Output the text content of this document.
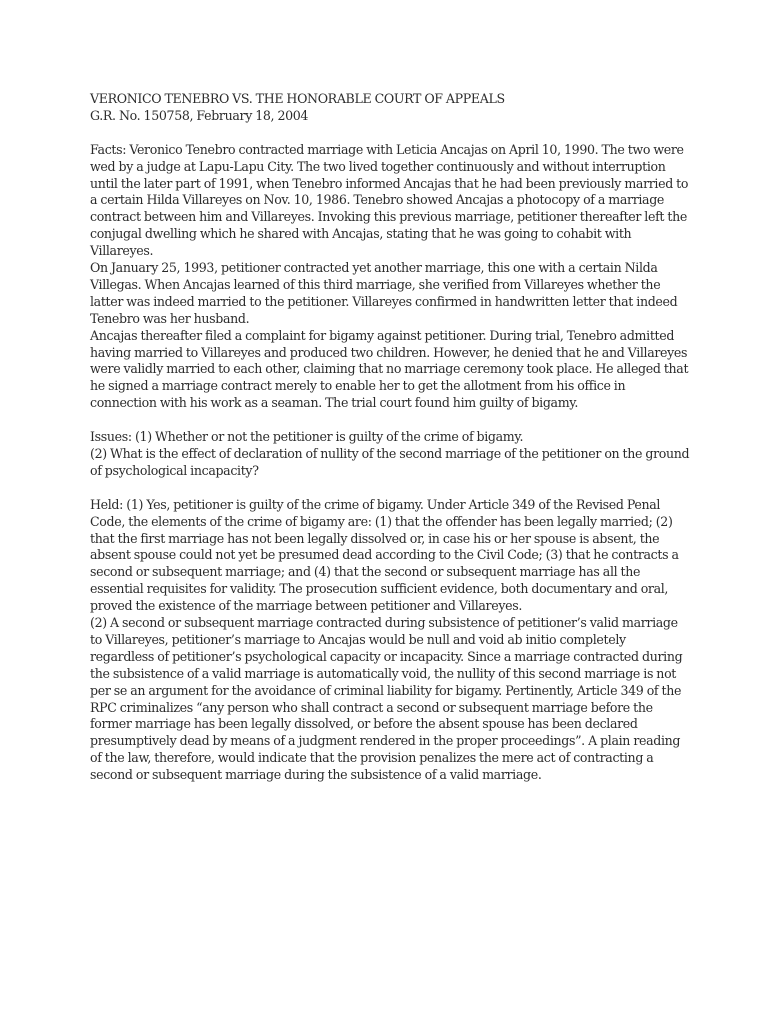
VERONICO TENEBRO VS. THE HONORABLE COURT OF APPEALS

G.R. No. 150758, February 18, 2004

Facts: Veronico Tenebro contracted marriage with Leticia Ancajas on April 10, 1990. The two were wed by a judge at Lapu-Lapu City. The two lived together continuously and without interruption until the later part of 1991, when Tenebro informed Ancajas that he had been previously married to a certain Hilda Villareyes on Nov. 10, 1986. Tenebro showed Ancajas a photocopy of a marriage contract between him and Villareyes. Invoking this previous marriage, petitioner thereafter left the conjugal dwelling which he shared with Ancajas, stating that he was going to cohabit with Villareyes.

On January 25, 1993, petitioner contracted yet another marriage, this one with a certain Nilda Villegas. When Ancajas learned of this third marriage, she verified from Villareyes whether the latter was indeed married to the petitioner. Villareyes confirmed in handwritten letter that indeed Tenebro was her husband.

Ancajas thereafter filed a complaint for bigamy against petitioner. During trial, Tenebro admitted having married to Villareyes and produced two children. However, he denied that he and Villareyes were validly married to each other, claiming that no marriage ceremony took place. He alleged that he signed a marriage contract merely to enable her to get the allotment from his office in connection with his work as a seaman. The trial court found him guilty of bigamy.

Issues: (1) Whether or not the petitioner is guilty of the crime of bigamy.

(2) What is the effect of declaration of nullity of the second marriage of the petitioner on the ground of psychological incapacity?

Held: (1) Yes, petitioner is guilty of the crime of bigamy. Under Article 349 of the Revised Penal Code, the elements of the crime of bigamy are: (1) that the offender has been legally married; (2) that the first marriage has not been legally dissolved or, in case his or her spouse is absent, the absent spouse could not yet be presumed dead according to the Civil Code; (3) that he contracts a second or subsequent marriage; and (4) that the second or subsequent marriage has all the essential requisites for validity. The prosecution sufficient evidence, both documentary and oral, proved the existence of the marriage between petitioner and Villareyes.

(2) A second or subsequent marriage contracted during subsistence of petitioner’s valid marriage to Villareyes, petitioner’s marriage to Ancajas would be null and void ab initio completely regardless of petitioner’s psychological capacity or incapacity. Since a marriage contracted during the subsistence of a valid marriage is automatically void, the nullity of this second marriage is not per se an argument for the avoidance of criminal liability for bigamy. Pertinently, Article 349 of the RPC criminalizes “any person who shall contract a second or subsequent marriage before the former marriage has been legally dissolved, or before the absent spouse has been declared presumptively dead by means of a judgment rendered in the proper proceedings”. A plain reading of the law, therefore, would indicate that the provision penalizes the mere act of contracting a second or subsequent marriage during the subsistence of a valid marriage.
